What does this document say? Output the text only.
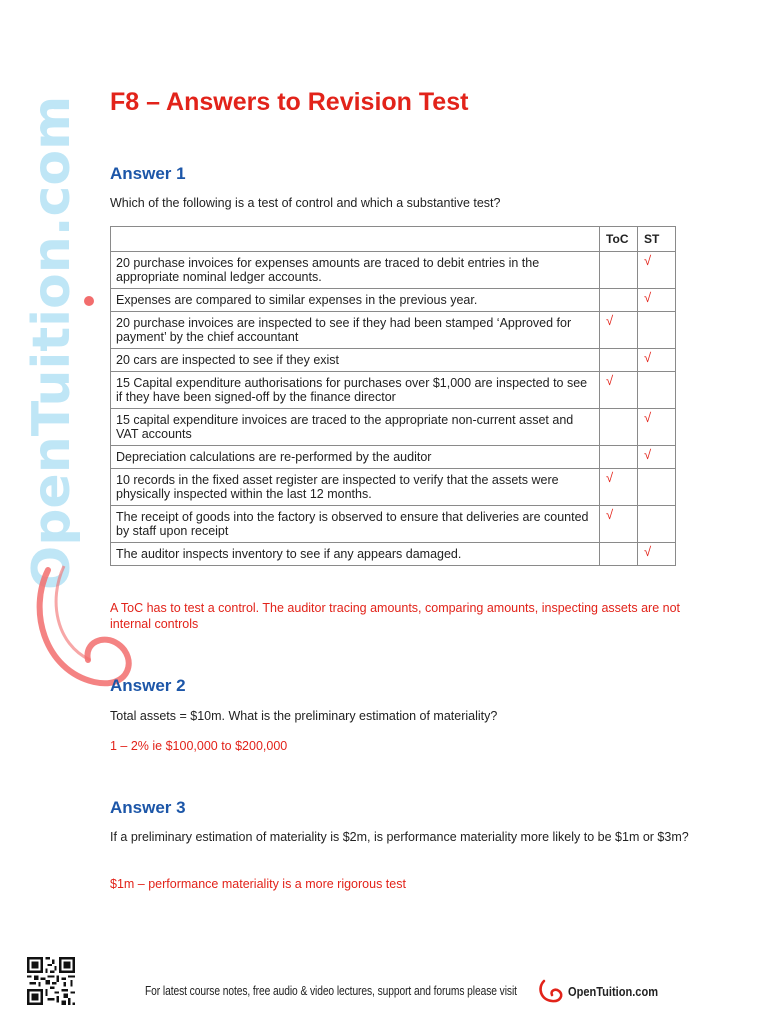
OpenTuition.com F8 – Answers to Revision Test
Answer 1

Which of the following is a test of control and which a substantive test?

	ToC	ST
20 purchase invoices for expenses amounts are traced to debit entries in the appropriate nominal ledger accounts.		√
Expenses are compared to similar expenses in the previous year.		√
20 purchase invoices are inspected to see if they had been stamped ‘Approved for payment’ by the chief accountant	√	
20 cars are inspected to see if they exist		√
15 Capital expenditure authorisations for purchases over $1,000 are inspected to see if they have been signed-off by the finance director	√	
15 capital expenditure invoices are traced to the appropriate non-current asset and VAT accounts		√
Depreciation calculations are re-performed by the auditor		√
10 records in the fixed asset register are inspected to verify that the assets were physically inspected within the last 12 months.	√	
The receipt of goods into the factory is observed to ensure that deliveries are counted by staff upon receipt	√	
The auditor inspects inventory to see if any appears damaged.		√

A ToC has to test a control. The auditor tracing amounts, comparing amounts, inspecting assets are not internal controls

Answer 2

Total assets = $10m. What is the preliminary estimation of materiality?

1 – 2% ie $100,000 to $200,000

Answer 3

If a preliminary estimation of materiality is $2m, is performance materiality more likely to be $1m or $3m?

$1m – performance materiality is a more rigorous test

For latest course notes, free audio & video lectures, support and forums please visit	OpenTuition.com
